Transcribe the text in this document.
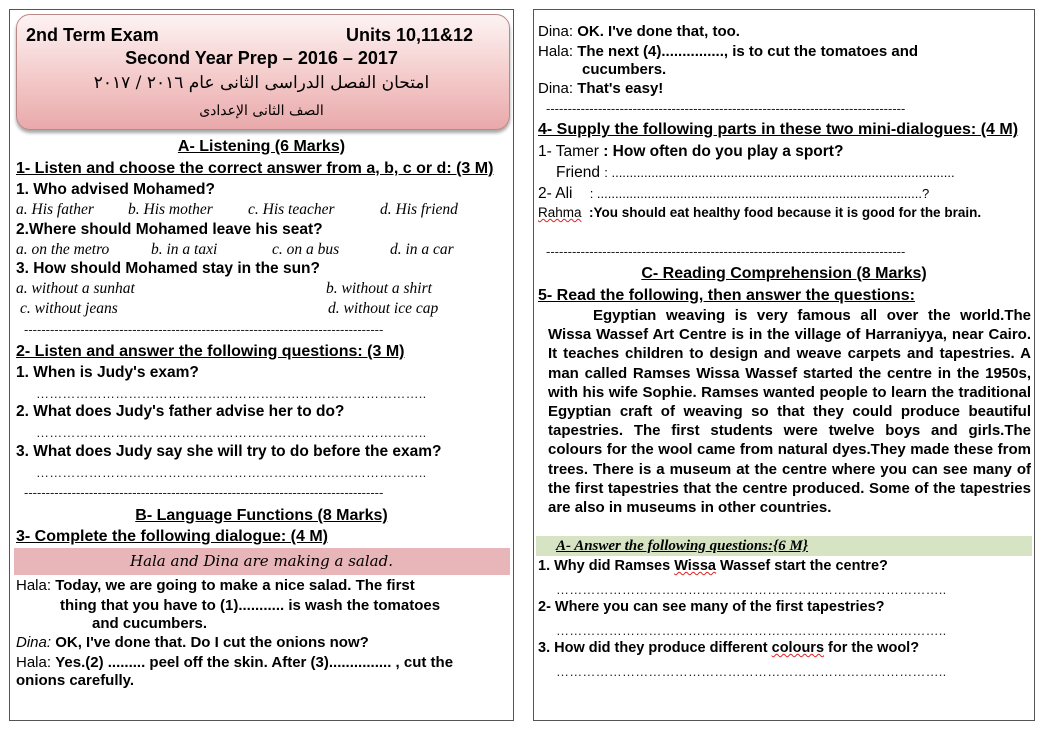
2nd Term Exam	Units 10,11&12
Second Year Prep – 2016 – 2017
امتحان الفصل الدراسى الثانى عام ٢٠١٦ / ٢٠١٧
الصف الثانى الإعدادى
A- Listening (6 Marks)
1- Listen and choose the correct answer from a, b, c or d: (3 M)
1. Who advised Mohamed?
a. His father b. His mother c. His teacher	d. His friend
2.Where should Mohamed leave his seat?
a. on the metro	b. in a taxi	c. on a bus	d. in a car
3. How should Mohamed stay in the sun?
a. without a sunhat	b. without a shirt
c. without jeans	d. without ice cap
-----------------------------------------------------------------------------------
2- Listen and answer the following questions: (3 M)
1. When is Judy's exam?
……………………………………………………………………………..
2. What does Judy's father advise her to do?
……………………………………………………………………………..
3. What does Judy say she will try to do before the exam?
……………………………………………………………………………..
-----------------------------------------------------------------------------------
B- Language Functions (8 Marks)
3- Complete the following dialogue: (4 M)
Hala and Dina are making a salad.
Hala: Today, we are going to make a nice salad. The first
thing that you have to (1)........... is wash the tomatoes
and cucumbers.
Dina: OK, I've done that. Do I cut the onions now?
Hala: Yes.(2) ......... peel off the skin. After (3)............... , cut the
onions carefully.
Dina: OK. I've done that, too.
Hala: The next (4)..............., is to cut the tomatoes and
cucumbers.
Dina: That's easy!
-----------------------------------------------------------------------------------
4- Supply the following parts in these two mini-dialogues: (4 M)
1- Tamer : How often do you play a sport?
Friend : ...............................................................................................
2- Ali : ..........................................................................................?
Rahma :You should eat healthy food because it is good for the brain.
-----------------------------------------------------------------------------------
C- Reading Comprehension (8 Marks)
5- Read the following, then answer the questions:
Egyptian weaving is very famous all over the world.The Wissa Wassef Art Centre is in the village of Harraniyya, near Cairo. It teaches children to design and weave carpets and tapestries. A man called Ramses Wissa Wassef started the centre in the 1950s, with his wife Sophie. Ramses wanted people to learn the traditional Egyptian craft of weaving so that they could produce beautiful tapestries. The first students were twelve boys and girls.The colours for the wool came from natural dyes.They made these from trees. There is a museum at the centre where you can see many of the first tapestries that the centre produced. Some of the tapestries are also in museums in other countries.
A- Answer the following questions:{6 M}
1. Why did Ramses Wissa Wassef start the centre?
……………………………………………………………………………..
2- Where you can see many of the first tapestries?
……………………………………………………………………………..
3. How did they produce different colours for the wool?
……………………………………………………………………………..
